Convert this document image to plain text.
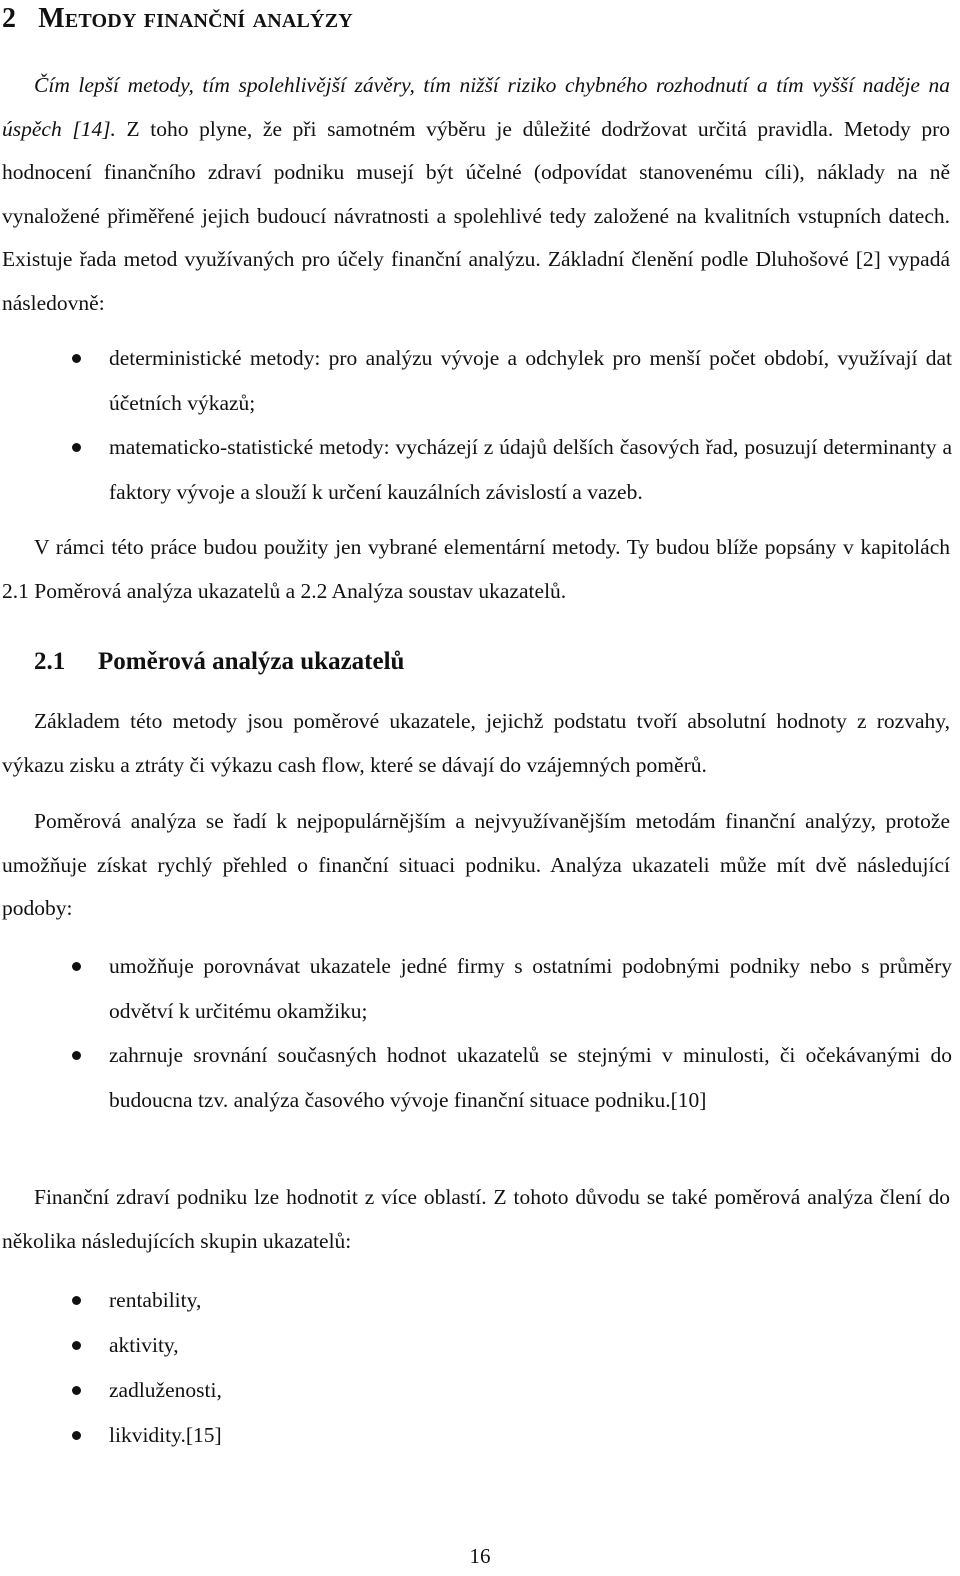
2 Metody finanční analýzy

Čím lepší metody, tím spolehlivější závěry, tím nižší riziko chybného rozhodnutí a tím vyšší naděje na úspěch [14]. Z toho plyne, že při samotném výběru je důležité dodržovat určitá pravidla. Metody pro hodnocení finančního zdraví podniku musejí být účelné (odpovídat stanovenému cíli), náklady na ně vynaložené přiměřené jejich budoucí návratnosti a spolehlivé tedy založené na kvalitních vstupních datech. Existuje řada metod využívaných pro účely finanční analýzu. Základní členění podle Dluhošové [2] vypadá následovně:

deterministické metody: pro analýzu vývoje a odchylek pro menší počet období, využívají dat účetních výkazů;
matematicko-statistické metody: vycházejí z údajů delších časových řad, posuzují determinanty a faktory vývoje a slouží k určení kauzálních závislostí a vazeb.

V rámci této práce budou použity jen vybrané elementární metody. Ty budou blíže popsány v kapitolách 2.1 Poměrová analýza ukazatelů a 2.2 Analýza soustav ukazatelů.

2.1 Poměrová analýza ukazatelů

Základem této metody jsou poměrové ukazatele, jejichž podstatu tvoří absolutní hodnoty z rozvahy, výkazu zisku a ztráty či výkazu cash flow, které se dávají do vzájemných poměrů.

Poměrová analýza se řadí k nejpopulárnějším a nejvyužívanějším metodám finanční analýzy, protože umožňuje získat rychlý přehled o finanční situaci podniku. Analýza ukazateli může mít dvě následující podoby:

umožňuje porovnávat ukazatele jedné firmy s ostatními podobnými podniky nebo s průměry odvětví k určitému okamžiku;
zahrnuje srovnání současných hodnot ukazatelů se stejnými v minulosti, či očekávanými do budoucna tzv. analýza časového vývoje finanční situace podniku.[10]

Finanční zdraví podniku lze hodnotit z více oblastí. Z tohoto důvodu se také poměrová analýza člení do několika následujících skupin ukazatelů:

rentability,
aktivity,
zadluženosti,
likvidity.[15]
16
